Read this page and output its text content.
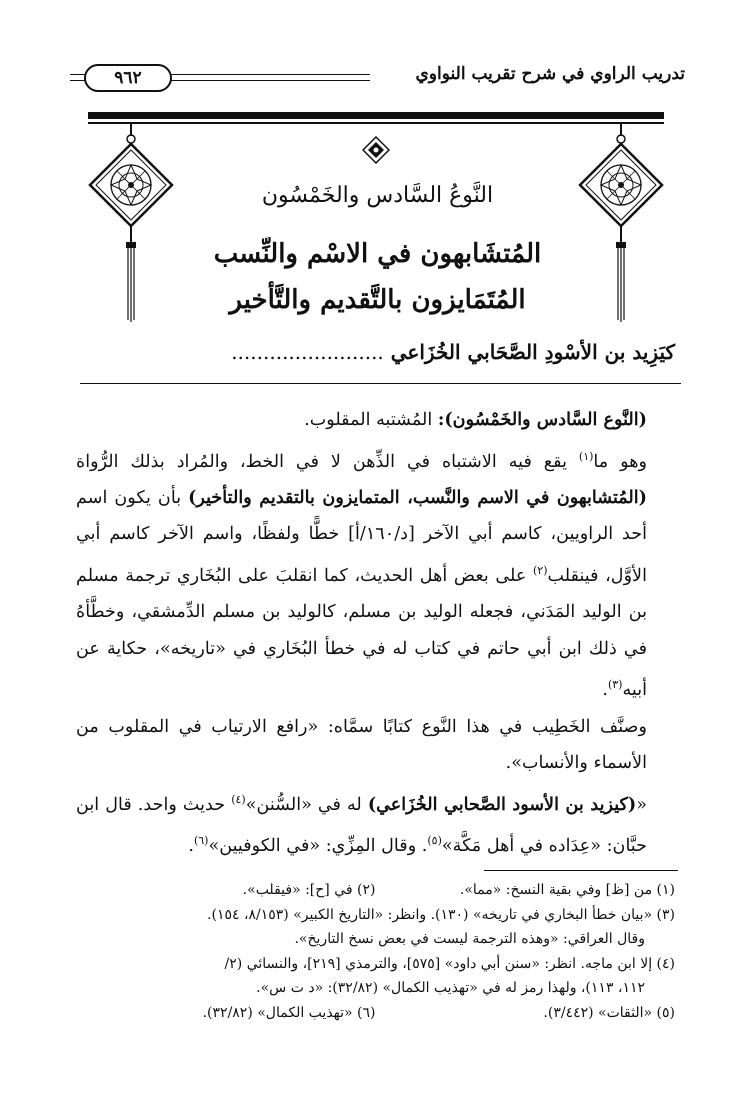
تدريب الراوي في شرح تقريب النواوي
٩٦٢
النَّوعُ السَّادس والخَمْسُون
المُتشَابهون في الاسْم والنِّسب
المُتَمَايزون بالتَّقديم والتَّأخير
كيَزِيد بن الأسْودِ الصَّحَابي الخُزَاعي ........................

(النَّوع السَّادس والخَمْسُون): المُشتبه المقلوب.

وهو ما$^{(١)}$ يقع فيه الاشتباه في الذِّهن لا في الخط، والمُراد بذلك الرُّواة (المُتشابهون في الاسم والنَّسب، المتمايزون بالتقديم والتأخير) بأن يكون اسم أحد الراويين، كاسم أبي الآخر [د/١٦٠/أ] خطًّا ولفظًا، واسم الآخر كاسم أبي الأوَّل، فينقلب$^{(٢)}$ على بعض أهل الحديث، كما انقلبَ على البُخَاري ترجمة مسلم بن الوليد المَدَني، فجعله الوليد بن مسلم، كالوليد بن مسلم الدِّمشقي، وخطَّأهُ في ذلك ابن أبي حاتم في كتاب له في خطأ البُخَاري في «تاريخه»، حكاية عن أبيه$^{(٣)}$.

وصنَّف الخَطِيب في هذا النَّوع كتابًا سمَّاه: «رافع الارتياب في المقلوب من الأسماء والأنساب».

«(كيزيد بن الأسود الصَّحابي الخُزَاعي) له في «السُّنن»$^{(٤)}$ حديث واحد. قال ابن حبَّان: «عِدَاده في أهل مَكَّة»$^{(٥)}$. وقال المِزِّي: «في الكوفيين»$^{(٦)}$.

(١) من [ظ] وفي بقية النسخ: «مما».
(٢) في [ح]: «فيقلب».
(٣) «بيان خطأ البخاري في تاريخه» (١٣٠). وانظر: «التاريخ الكبير» (٨/١٥٣، ١٥٤).
وقال العراقي: «وهذه الترجمة ليست في بعض نسخ التاريخ».
(٤) إلا ابن ماجه. انظر: «سنن أبي داود» [٥٧٥]، والترمذي [٢١٩]، والنسائي (٢/
١١٢، ١١٣)، ولهذا رمز له في «تهذيب الكمال» (٣٢/٨٢): «د ت س».
(٥) «الثقات» (٣/٤٤٢).
(٦) «تهذيب الكمال» (٣٢/٨٢).
